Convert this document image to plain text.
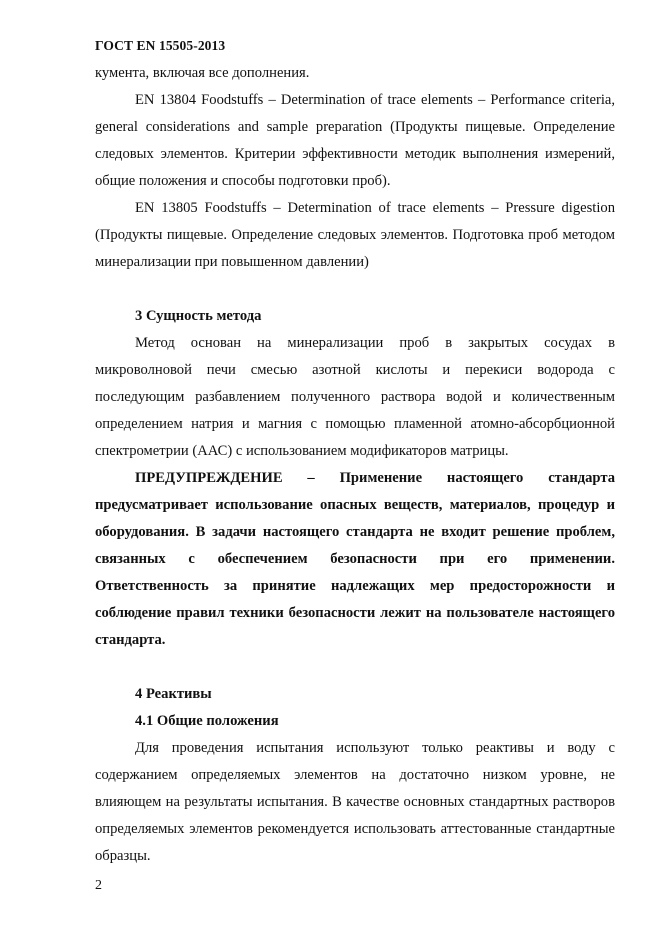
ГОСТ EN 15505-2013

кумента, включая все дополнения.

EN 13804 Foodstuffs – Determination of trace elements – Performance criteria, general considerations and sample preparation (Продукты пищевые. Определение следовых элементов. Критерии эффективности методик выполнения измерений, общие положения и способы подготовки проб).

EN 13805 Foodstuffs – Determination of trace elements – Pressure digestion (Продукты пищевые. Определение следовых элементов. Подготовка проб методом минерализации при повышенном давлении)

3 Сущность метода

Метод основан на минерализации проб в закрытых сосудах в микроволновой печи смесью азотной кислоты и перекиси водорода с последующим разбавлением полученного раствора водой и количественным определением натрия и магния с помощью пламенной атомно-абсорбционной спектрометрии (ААС) с использованием модификаторов матрицы.

ПРЕДУПРЕЖДЕНИЕ – Применение настоящего стандарта предусматривает использование опасных веществ, материалов, процедур и оборудования. В задачи настоящего стандарта не входит решение проблем, связанных с обеспечением безопасности при его применении. Ответственность за принятие надлежащих мер предосторожности и соблюдение правил техники безопасности лежит на пользователе настоящего стандарта.

4 Реактивы

4.1 Общие положения

Для проведения испытания используют только реактивы и воду с содержанием определяемых элементов на достаточно низком уровне, не влияющем на результаты испытания. В качестве основных стандартных растворов определяемых элементов рекомендуется использовать аттестованные стандартные образцы.

2
